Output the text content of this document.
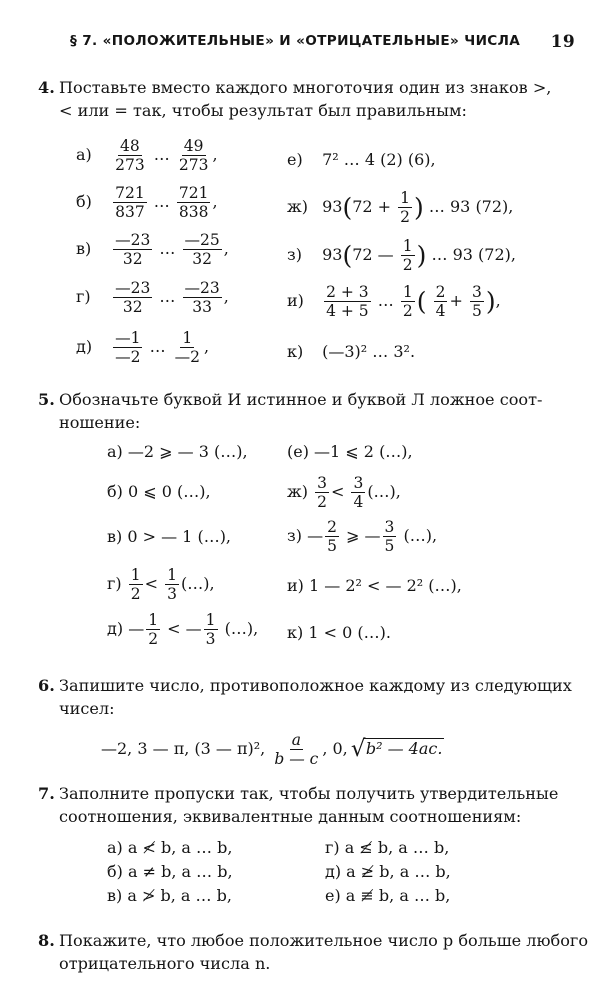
§ 7. «ПОЛОЖИТЕЛЬНЫЕ» И «ОТРИЦАТЕЛЬНЫЕ» ЧИСЛА 19
4. Поставьте вместо каждого многоточия один из знаков >,
< или = так, чтобы результат был правильным:
$а) \frac{48}{273}$ … $\frac{49}{273}$ ,
$б) \frac{721}{837}$ … $\frac{721}{838}$ ,
$в) \frac{—23}{32}$ … $\frac{—25}{32}$ ,
$г) \frac{—23}{32}$ … $\frac{—23}{33}$ ,
$д) \frac{—1}{—2}$ … $\frac{1}{—2}$ ,
е) 7² … 4 (2) (6),
ж) $93(72 + \frac{1}{2}$ ) … 93 (72),
з) 93(72 — $\frac{1}{2}$ ) … 93 (72),
$и) \frac{2 + 3}{4 + 5}$ … $\frac{1}{2}$ ( $\frac{2}{4} + \frac{3}{5}$ ),
к) (—3)² … 3².
5. Обозначьте буквой И истинное и буквой Л ложное соот-
ношение:
а) —2 ⩾ — 3 (…),
б) 0 ⩽ 0 (…),
в) 0 > — 1 (…),
$г) \frac{1}{2} < \frac{1}{3}$ (…),
д) — $\frac{1}{2}$ < — $\frac{1}{3}$ (…),
(е) —1 ⩽ 2 (…),
$ж) \frac{3}{2} < \frac{3}{4}$ (…),
з) — $\frac{2}{5}$ ⩾ — $\frac{3}{5}$ (…),
и) 1 — 2² < — 2² (…),
к) 1 < 0 (…).
6. Запишите число, противоположное каждому из следующих
чисел:
—2, 3 — π, (3 — π)², $\frac{a}{b — c}$ , 0, √ b² — 4ac.
7. Заполните пропуски так, чтобы получить утвердительные
соотношения, эквивалентные данным соотношениям:
а) a ≮ b, a … b,
б) a ≠ b, a … b,
в) a ≯ b, a … b,
г) a ≰ b, a … b,
д) a ≱ b, a … b,
е) a ≢ b, a … b,
8. Покажите, что любое положительное число p больше любого
отрицательного числа n.
